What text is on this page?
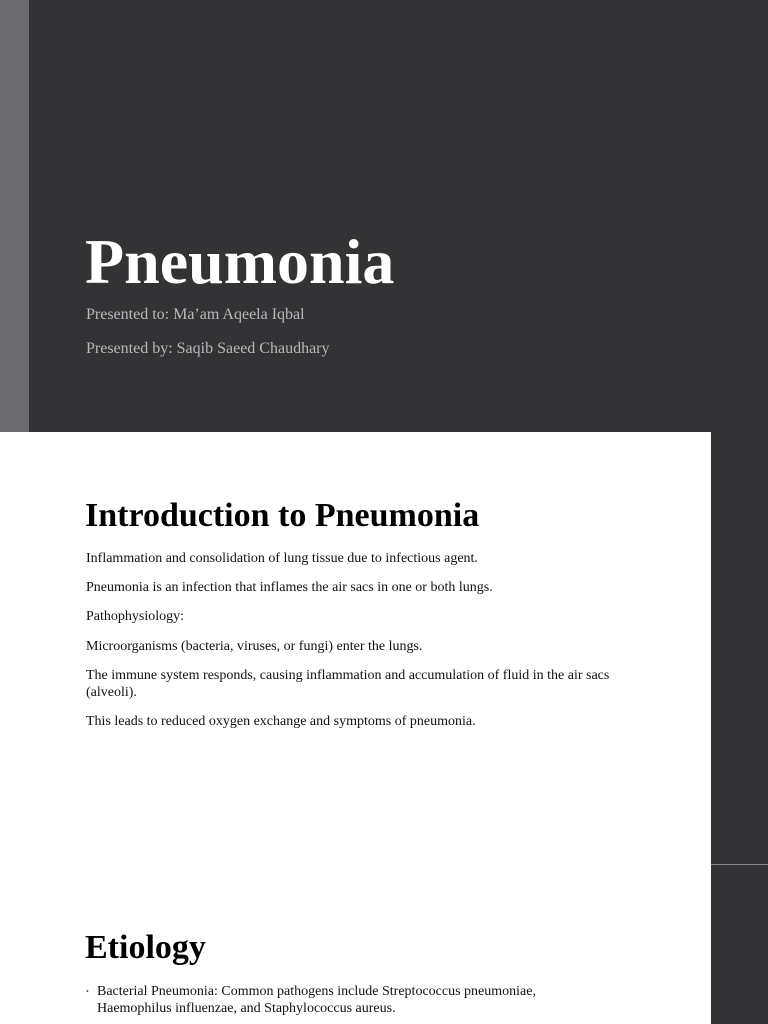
Pneumonia

Presented to: Ma’am Aqeela Iqbal

Presented by: Saqib Saeed Chaudhary

Introduction to Pneumonia

Inflammation and consolidation of lung tissue due to infectious agent.

Pneumonia is an infection that inflames the air sacs in one or both lungs.

Pathophysiology:

Microorganisms (bacteria, viruses, or fungi) enter the lungs.

The immune system responds, causing inflammation and accumulation of fluid in the air sacs (alveoli).

This leads to reduced oxygen exchange and symptoms of pneumonia.

Etiology
• Bacterial Pneumonia: Common pathogens include Streptococcus pneumoniae, Haemophilus influenzae, and Staphylococcus aureus.
